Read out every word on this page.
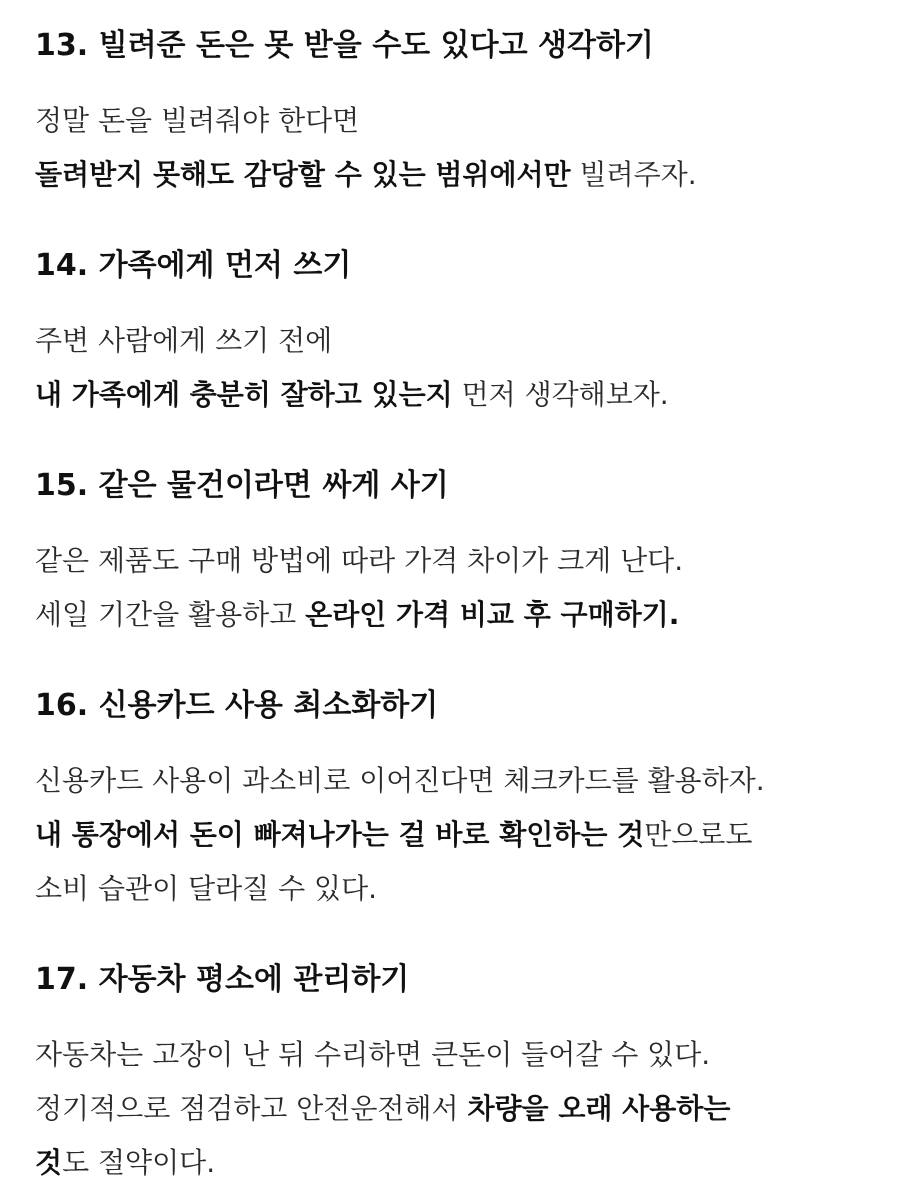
13. 빌려준 돈은 못 받을 수도 있다고 생각하기

정말 돈을 빌려줘야 한다면

돌려받지 못해도 감당할 수 있는 범위에서만 빌려주자.

14. 가족에게 먼저 쓰기

주변 사람에게 쓰기 전에

내 가족에게 충분히 잘하고 있는지 먼저 생각해보자.

15. 같은 물건이라면 싸게 사기

같은 제품도 구매 방법에 따라 가격 차이가 크게 난다.

세일 기간을 활용하고 온라인 가격 비교 후 구매하기.

16. 신용카드 사용 최소화하기

신용카드 사용이 과소비로 이어진다면 체크카드를 활용하자.

내 통장에서 돈이 빠져나가는 걸 바로 확인하는 것만으로도

소비 습관이 달라질 수 있다.

17. 자동차 평소에 관리하기

자동차는 고장이 난 뒤 수리하면 큰돈이 들어갈 수 있다.

정기적으로 점검하고 안전운전해서 차량을 오래 사용하는

것도 절약이다.
